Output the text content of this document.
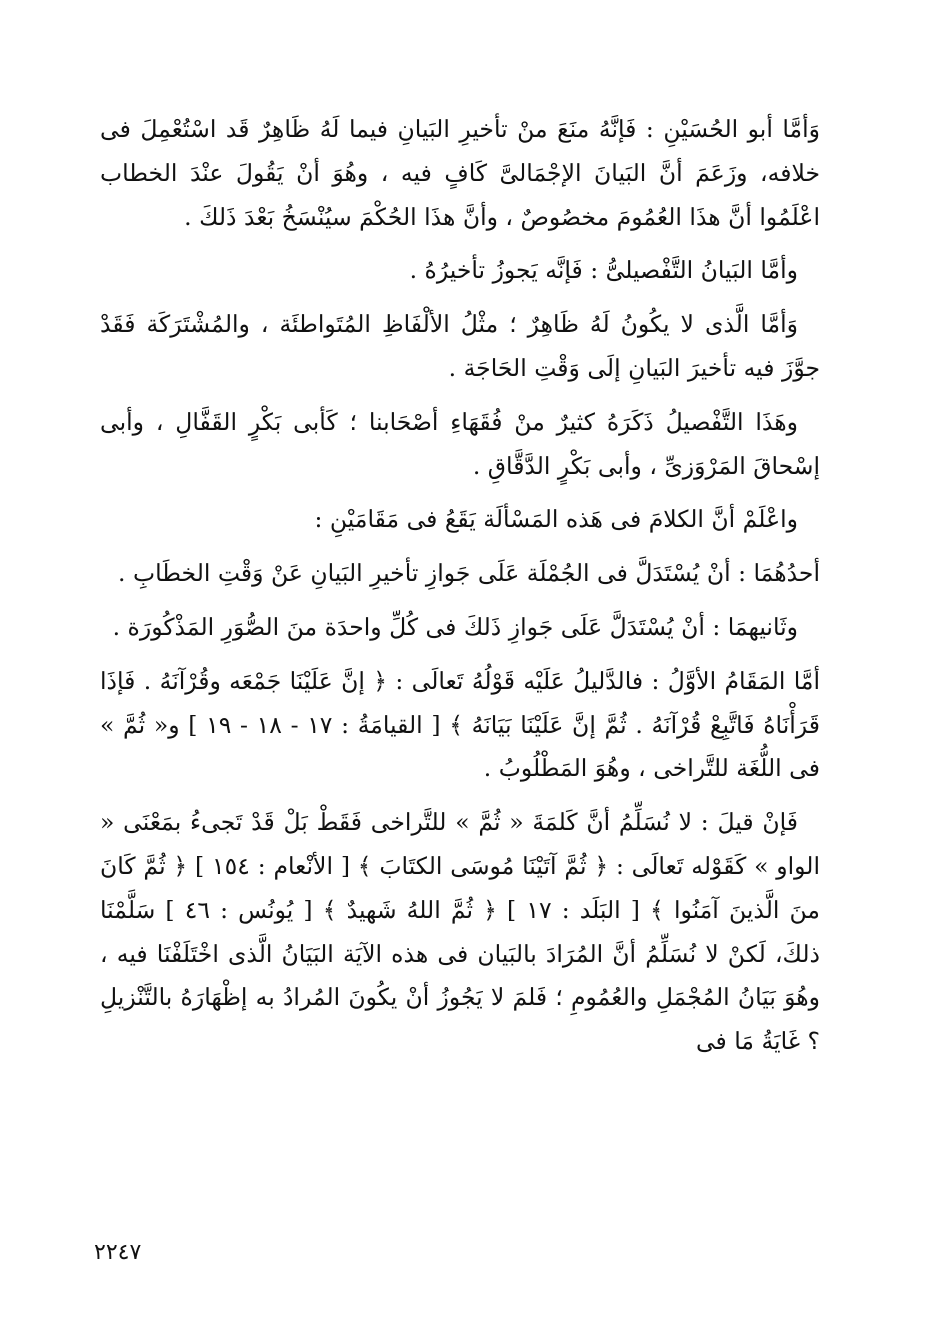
وَأمَّا أبو الحُسَيْنِ : فَإنَّهُ منَعَ منْ تأخيرِ البَيانِ فيما لَهُ ظَاهِرٌ قَد اسْتُعْمِلَ فى خلافه، وزَعَمَ أنَّ البَيانَ الإجْمَالىَّ كَافٍ فيه ، وهُوَ أنْ يَقُولَ عنْدَ الخطاب اعْلَمُوا أنَّ هذَا العُمُومَ مخصُوصٌ ، وأنَّ هذَا الحُكْمَ سيُنْسَخُ بَعْدَ ذَلكَ .

وأمَّا البَيانُ التَّفْصيلىُّ : فَإنَّه يَجوزُ تأخيرُهُ .

وَأمَّا الَّذى لا يكُونُ لَهُ ظَاهِرٌ ؛ مثْلُ الألْفَاظِ المُتَواطئَة ، والمُشْتَرَكَة فَقَدْ جوَّزَ فيه تأخيرَ البَيانِ إلَى وَقْتِ الحَاجَة .

وهَذَا التَّفْصيلُ ذَكَرَهُ كثيرٌ منْ فُقَهَاءِ أصْحَابنا ؛ كَأبى بَكْرٍ القَفَّالِ ، وأبى إسْحاقَ المَرْوَزىِّ ، وأبى بَكْرٍ الدَّقَّاقِ .

واعْلَمْ أنَّ الكلامَ فى هَذه المَسْألَة يَقَعُ فى مَقَامَيْنِ :

أحدُهُمَا : أنْ يُسْتَدَلَّ فى الجُمْلَة عَلَى جَوازِ تأخيرِ البَيانِ عَنْ وَقْتِ الخطَابِ .

وثَانيهمَا : أنْ يُسْتَدَلَّ عَلَى جَوازِ ذَلكَ فى كُلِّ واحدَة منَ الصُّوَرِ المَذْكُورَة .

أمَّا المَقَامُ الأوَّلُ : فالدَّليلُ عَلَيْه قَوْلُهُ تَعالَى : ﴿ إنَّ عَلَيْنَا جَمْعَه وقُرْآنَهُ . فَإذَا قَرَأْنَاهُ فَاتَّبِعْ قُرْآنَهُ . ثُمَّ إنَّ عَلَيْنَا بَيَانَهُ ﴾ [ القيامَةُ : ١٧ - ١٨ - ١٩ ] و« ثُمَّ » فى اللُّغَة للتَّراخى ، وهُوَ المَطْلُوبُ .

فَإنْ قيلَ : لا نُسَلِّمُ أنَّ كَلمَةَ « ثُمَّ » للتَّراخى فَقَطْ بَلْ قَدْ تَجىءُ بمَعْنَى « الواو » كَقَوْله تَعالَى : ﴿ ثُمَّ آتَيْنَا مُوسَى الكتَابَ ﴾ [ الأنْعام : ١٥٤ ] ﴿ ثُمَّ كَانَ منَ الَّذينَ آمَنُوا ﴾ [ البَلَد : ١٧ ] ﴿ ثُمَّ اللهُ شَهيدٌ ﴾ [ يُونُس : ٤٦ ] سَلَّمْنَا ذلكَ، لَكنْ لا نُسَلِّمُ أنَّ المُرَادَ بالبَيان فى هذه الآيَة البَيَانُ الَّذى اخْتَلَفْنَا فيه ، وهُوَ بَيَانُ المُجْمَلِ والعُمُومِ ؛ فَلمَ لا يَجُوزُ أنْ يكُونَ المُرادُ به إظْهَارَهُ بالتَّنْزيلِ ؟ غَايَةُ مَا فى

٢٢٤٧
